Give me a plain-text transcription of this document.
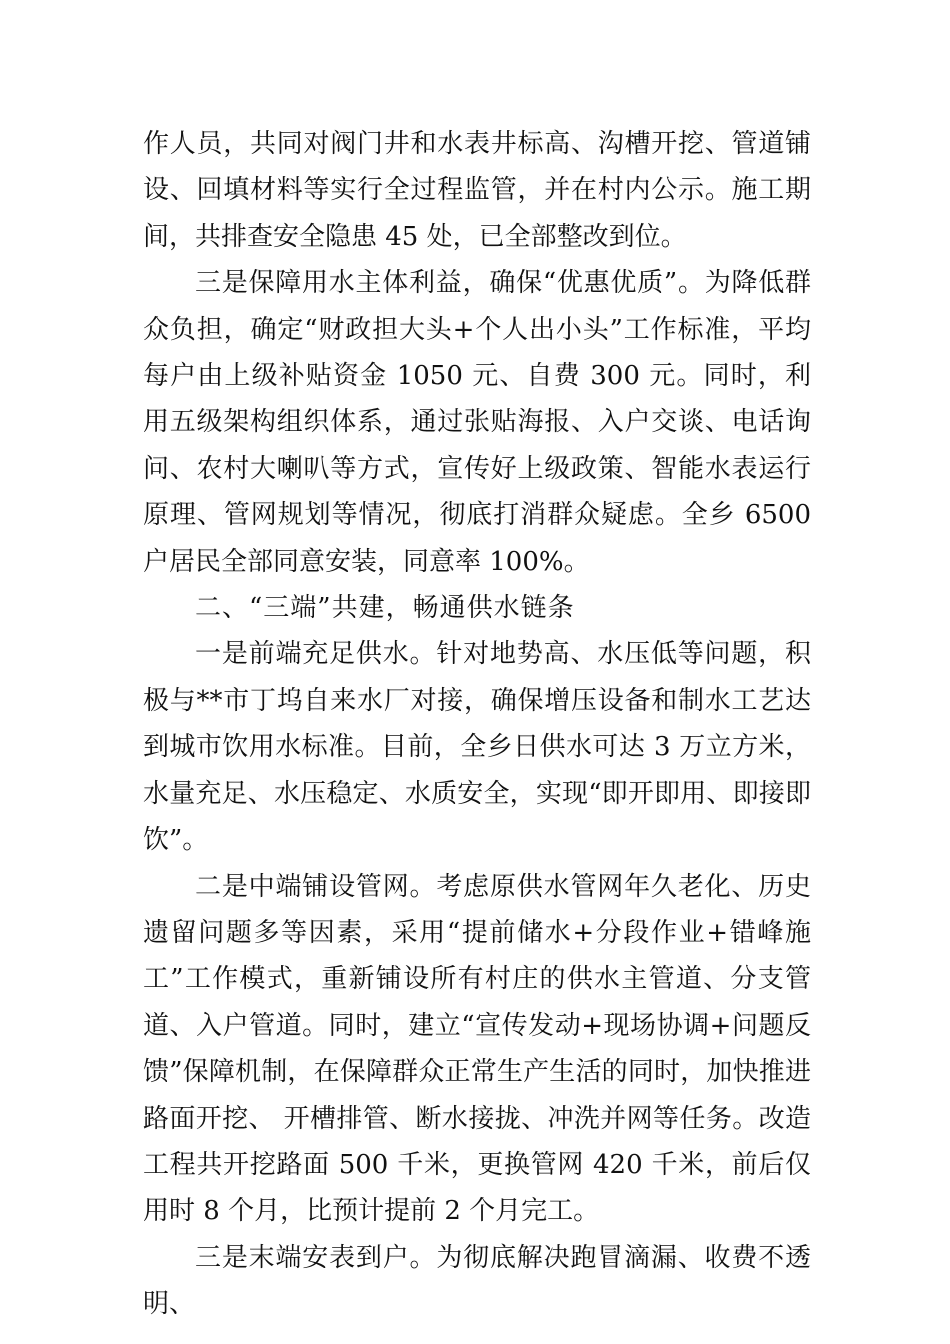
作人员，共同对阀门井和水表井标高、沟槽开挖、管道铺设、回填材料等实行全过程监管，并在村内公示。施工期间，共排查安全隐患 45 处，已全部整改到位。

三是保障用水主体利益，确保“优惠优质”。为降低群众负担，确定“财政担大头+个人出小头”工作标准，平均每户由上级补贴资金 1050 元、自费 300 元。同时，利用五级架构组织体系，通过张贴海报、入户交谈、电话询问、农村大喇叭等方式，宣传好上级政策、智能水表运行原理、管网规划等情况，彻底打消群众疑虑。全乡 6500 户居民全部同意安装，同意率 100%。

二、“三端”共建，畅通供水链条

一是前端充足供水。针对地势高、水压低等问题，积极与**市丁坞自来水厂对接，确保增压设备和制水工艺达到城市饮用水标准。目前，全乡日供水可达 3 万立方米，水量充足、水压稳定、水质安全，实现“即开即用、即接即饮”。

二是中端铺设管网。考虑原供水管网年久老化、历史遗留问题多等因素，采用“提前储水+分段作业+错峰施工”工作模式，重新铺设所有村庄的供水主管道、分支管道、入户管道。同时，建立“宣传发动+现场协调+问题反馈”保障机制，在保障群众正常生产生活的同时，加快推进路面开挖、 开槽排管、断水接拢、冲洗并网等任务。改造工程共开挖路面 500 千米，更换管网 420 千米，前后仅用时 8 个月，比预计提前 2 个月完工。

三是末端安表到户。为彻底解决跑冒滴漏、收费不透明、
